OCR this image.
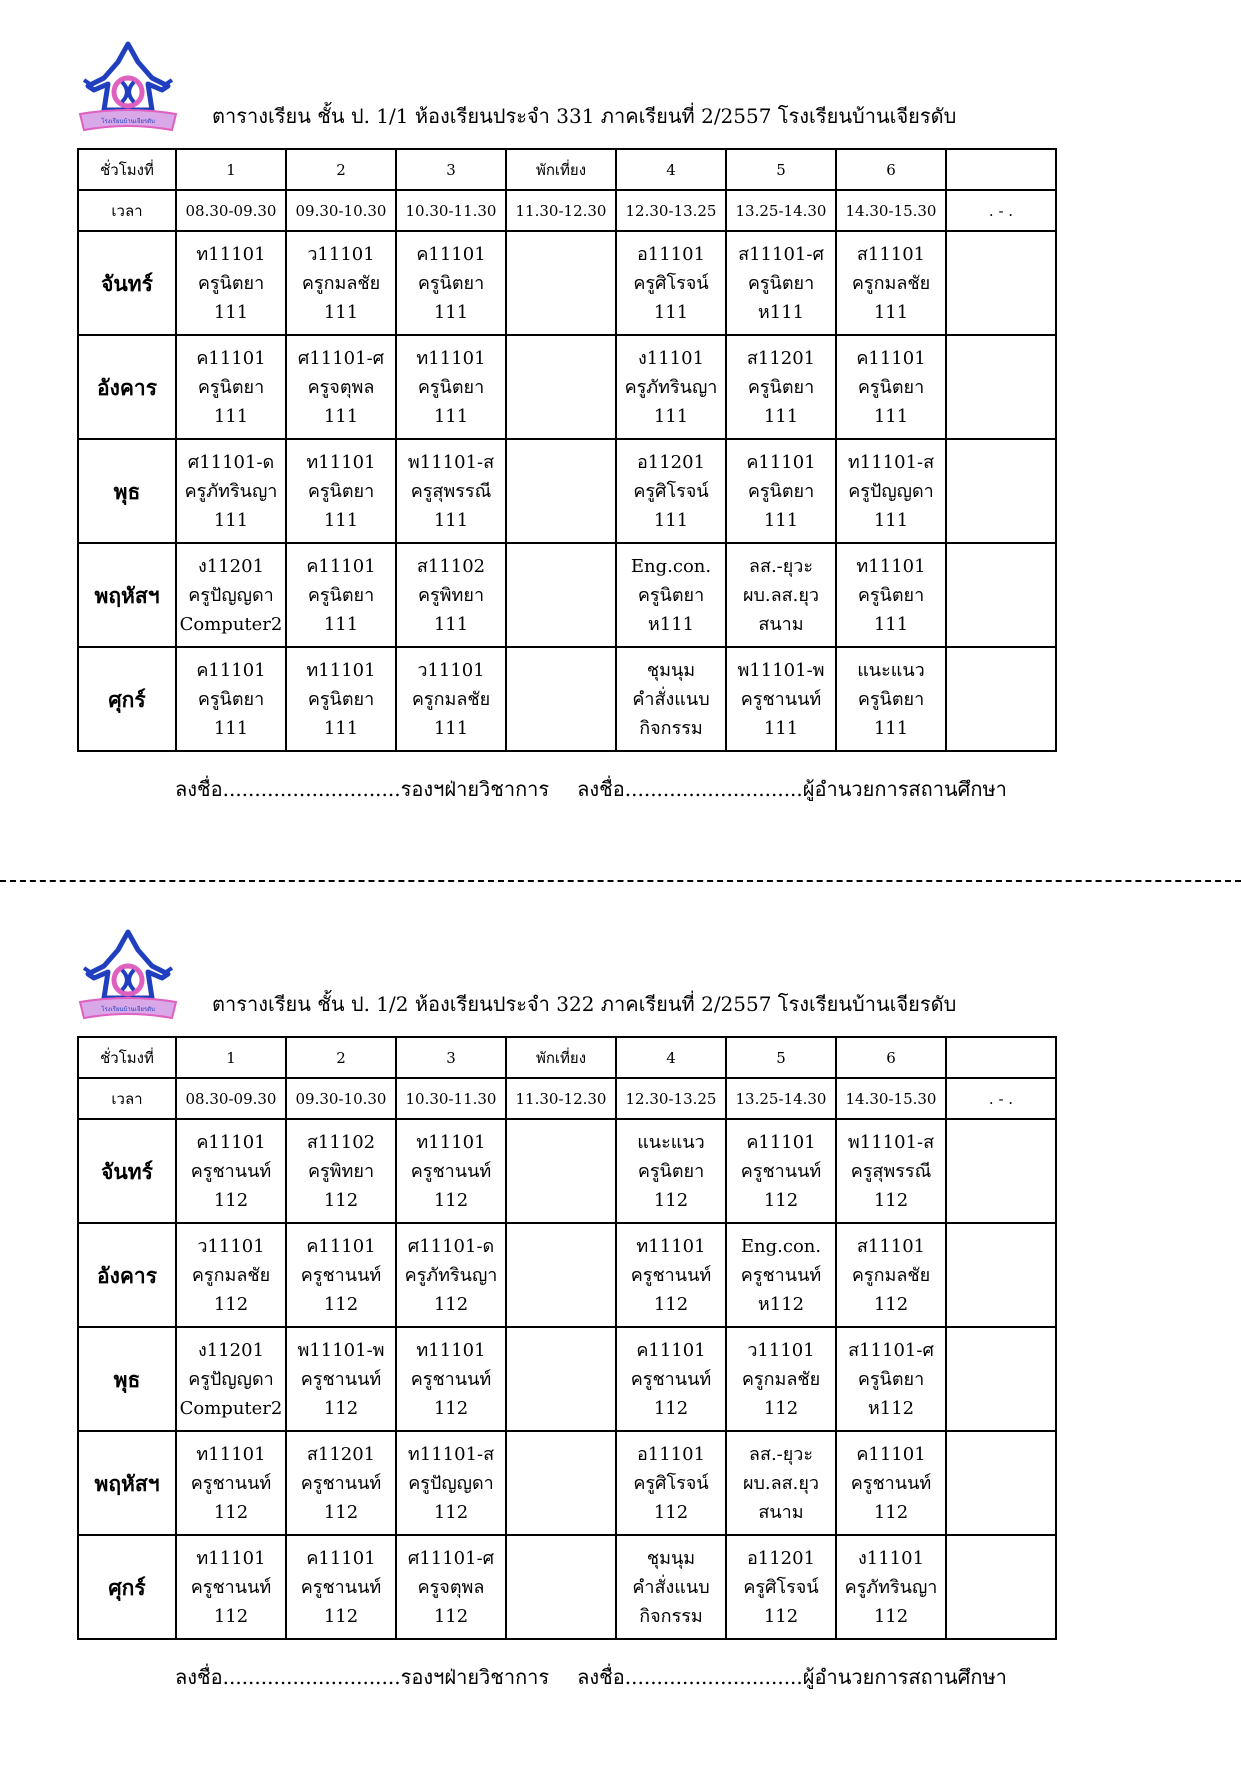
โรงเรียนบ้านเจียรดับ	ตารางเรียน ชั้น ป. 1/1 ห้องเรียนประจำ 331 ภาคเรียนที่ 2/2557 โรงเรียนบ้านเจียรดับ
ชั่วโมงที่	1	2	3	พักเที่ยง	4	5	6	
เวลา	08.30-09.30	09.30-10.30	10.30-11.30	11.30-12.30	12.30-13.25	13.25-14.30	14.30-15.30	. - .
จันทร์	ท11101
ครูนิตยา
111	ว11101
ครูกมลชัย
111	ค11101
ครูนิตยา
111		อ11101
ครูศิโรจน์
111	ส11101-ศ
ครูนิตยา
ห111	ส11101
ครูกมลชัย
111	

อังคาร	ค11101
ครูนิตยา
111	ศ11101-ศ
ครูจตุพล
111	ท11101
ครูนิตยา
111		ง11101
ครูภัทรินญา
111	ส11201
ครูนิตยา
111	ค11101
ครูนิตยา
111	

พุธ	ศ11101-ด
ครูภัทรินญา
111	ท11101
ครูนิตยา
111	พ11101-ส
ครูสุพรรณี
111		อ11201
ครูศิโรจน์
111	ค11101
ครูนิตยา
111	ท11101-ส
ครูปัญญดา
111	

พฤหัสฯ	ง11201
ครูปัญญดา
Computer2	ค11101
ครูนิตยา
111	ส11102
ครูพิทยา
111		Eng.con.
ครูนิตยา
ห111	ลส.-ยุวะ
ผบ.ลส.ยุว
สนาม	ท11101
ครูนิตยา
111	

ศุกร์	ค11101
ครูนิตยา
111	ท11101
ครูนิตยา
111	ว11101
ครูกมลชัย
111		ชุมนุม
คำสั่งแนบ
กิจกรรม	พ11101-พ
ครูชานนท์
111	แนะแนว
ครูนิตยา
111	

ลงชื่อ............................รองฯฝ่ายวิชาการ ลงชื่อ............................ผู้อำนวยการสถานศึกษา
โรงเรียนบ้านเจียรดับ	ตารางเรียน ชั้น ป. 1/2 ห้องเรียนประจำ 322 ภาคเรียนที่ 2/2557 โรงเรียนบ้านเจียรดับ
ชั่วโมงที่	1	2	3	พักเที่ยง	4	5	6	
เวลา	08.30-09.30	09.30-10.30	10.30-11.30	11.30-12.30	12.30-13.25	13.25-14.30	14.30-15.30	. - .
จันทร์	ค11101
ครูชานนท์
112	ส11102
ครูพิทยา
112	ท11101
ครูชานนท์
112		แนะแนว
ครูนิตยา
112	ค11101
ครูชานนท์
112	พ11101-ส
ครูสุพรรณี
112	

อังคาร	ว11101
ครูกมลชัย
112	ค11101
ครูชานนท์
112	ศ11101-ด
ครูภัทรินญา
112		ท11101
ครูชานนท์
112	Eng.con.
ครูชานนท์
ห112	ส11101
ครูกมลชัย
112	

พุธ	ง11201
ครูปัญญดา
Computer2	พ11101-พ
ครูชานนท์
112	ท11101
ครูชานนท์
112		ค11101
ครูชานนท์
112	ว11101
ครูกมลชัย
112	ส11101-ศ
ครูนิตยา
ห112	

พฤหัสฯ	ท11101
ครูชานนท์
112	ส11201
ครูชานนท์
112	ท11101-ส
ครูปัญญดา
112		อ11101
ครูศิโรจน์
112	ลส.-ยุวะ
ผบ.ลส.ยุว
สนาม	ค11101
ครูชานนท์
112	

ศุกร์	ท11101
ครูชานนท์
112	ค11101
ครูชานนท์
112	ศ11101-ศ
ครูจตุพล
112		ชุมนุม
คำสั่งแนบ
กิจกรรม	อ11201
ครูศิโรจน์
112	ง11101
ครูภัทรินญา
112	

ลงชื่อ............................รองฯฝ่ายวิชาการ ลงชื่อ............................ผู้อำนวยการสถานศึกษา
